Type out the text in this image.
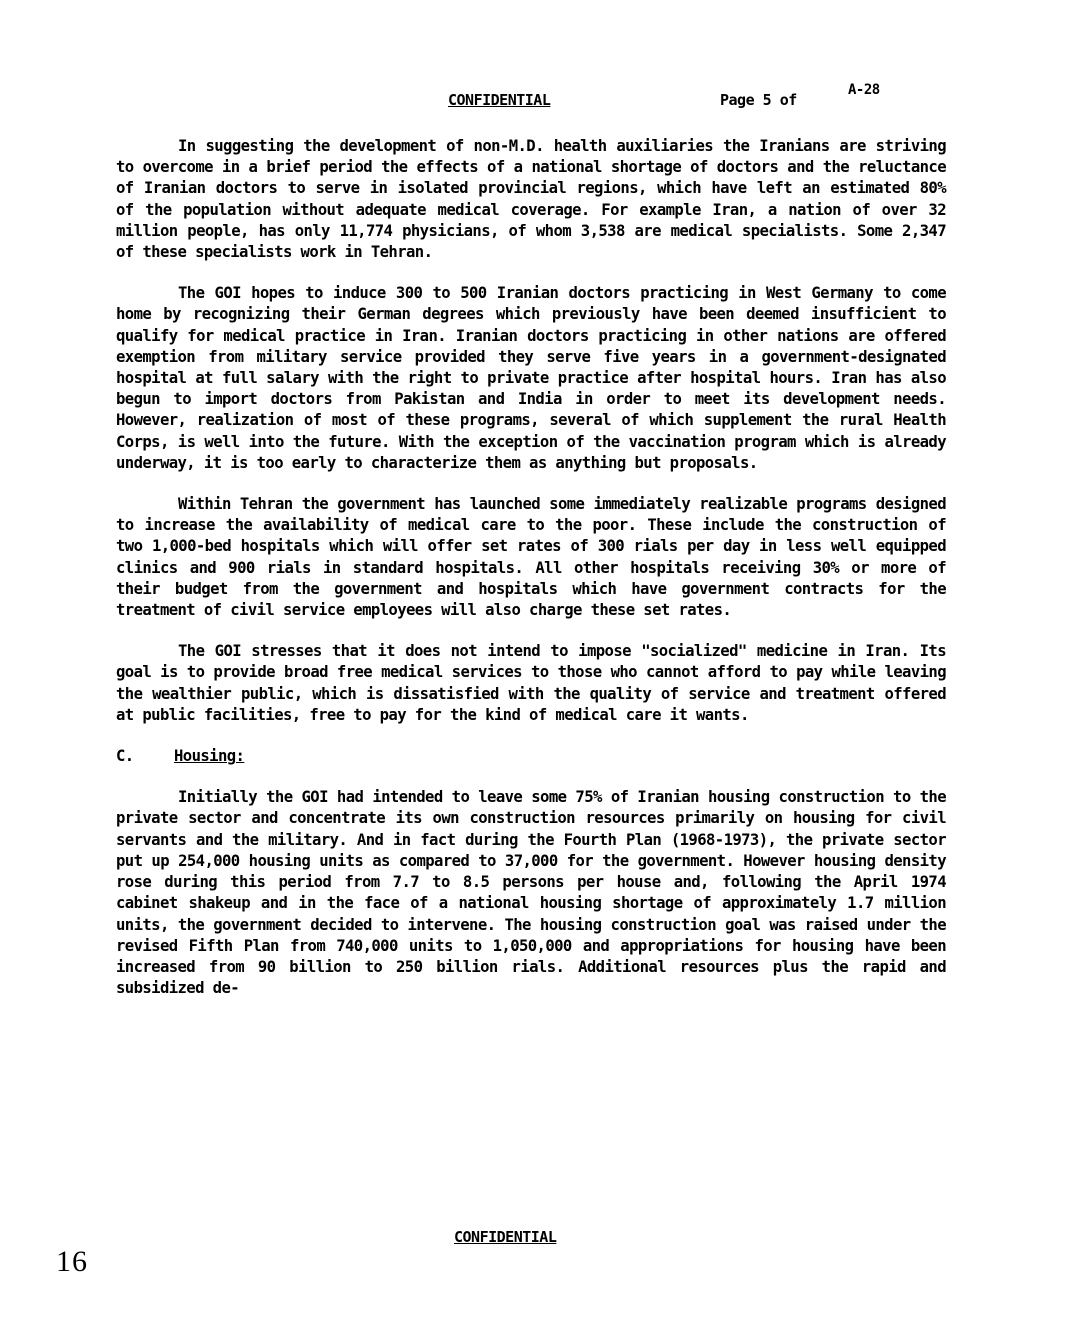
CONFIDENTIAL	Page 5 of
A-28

In suggesting the development of non-M.D. health auxiliaries the Iranians are striving to overcome in a brief period the effects of a national shortage of doctors and the reluctance of Iranian doctors to serve in isolated provincial regions, which have left an estimated 80% of the population without adequate medical coverage. For example Iran, a nation of over 32 million people, has only 11,774 physicians, of whom 3,538 are medical specialists. Some 2,347 of these specialists work in Tehran.

The GOI hopes to induce 300 to 500 Iranian doctors practicing in West Germany to come home by recognizing their German degrees which previously have been deemed insufficient to qualify for medical practice in Iran. Iranian doctors practicing in other nations are offered exemption from military service provided they serve five years in a government-designated hospital at full salary with the right to private practice after hospital hours. Iran has also begun to import doctors from Pakistan and India in order to meet its development needs. However, realization of most of these programs, several of which supplement the rural Health Corps, is well into the future. With the exception of the vaccination program which is already underway, it is too early to characterize them as anything but proposals.

Within Tehran the government has launched some immediately realizable programs designed to increase the availability of medical care to the poor. These include the construction of two 1,000-bed hospitals which will offer set rates of 300 rials per day in less well equipped clinics and 900 rials in standard hospitals. All other hospitals receiving 30% or more of their budget from the government and hospitals which have government contracts for the treatment of civil service employees will also charge these set rates.

The GOI stresses that it does not intend to impose "socialized" medicine in Iran. Its goal is to provide broad free medical services to those who cannot afford to pay while leaving the wealthier public, which is dissatisfied with the quality of service and treatment offered at public facilities, free to pay for the kind of medical care it wants.

C.	Housing:

Initially the GOI had intended to leave some 75% of Iranian housing construction to the private sector and concentrate its own construction resources primarily on housing for civil servants and the military. And in fact during the Fourth Plan (1968-1973), the private sector put up 254,000 housing units as compared to 37,000 for the government. However housing density rose during this period from 7.7 to 8.5 persons per house and, following the April 1974 cabinet shakeup and in the face of a national housing shortage of approximately 1.7 million units, the government decided to intervene. The housing construction goal was raised under the revised Fifth Plan from 740,000 units to 1,050,000 and appropriations for housing have been increased from 90 billion to 250 billion rials. Additional resources plus the rapid and subsidized de-

CONFIDENTIAL
16
